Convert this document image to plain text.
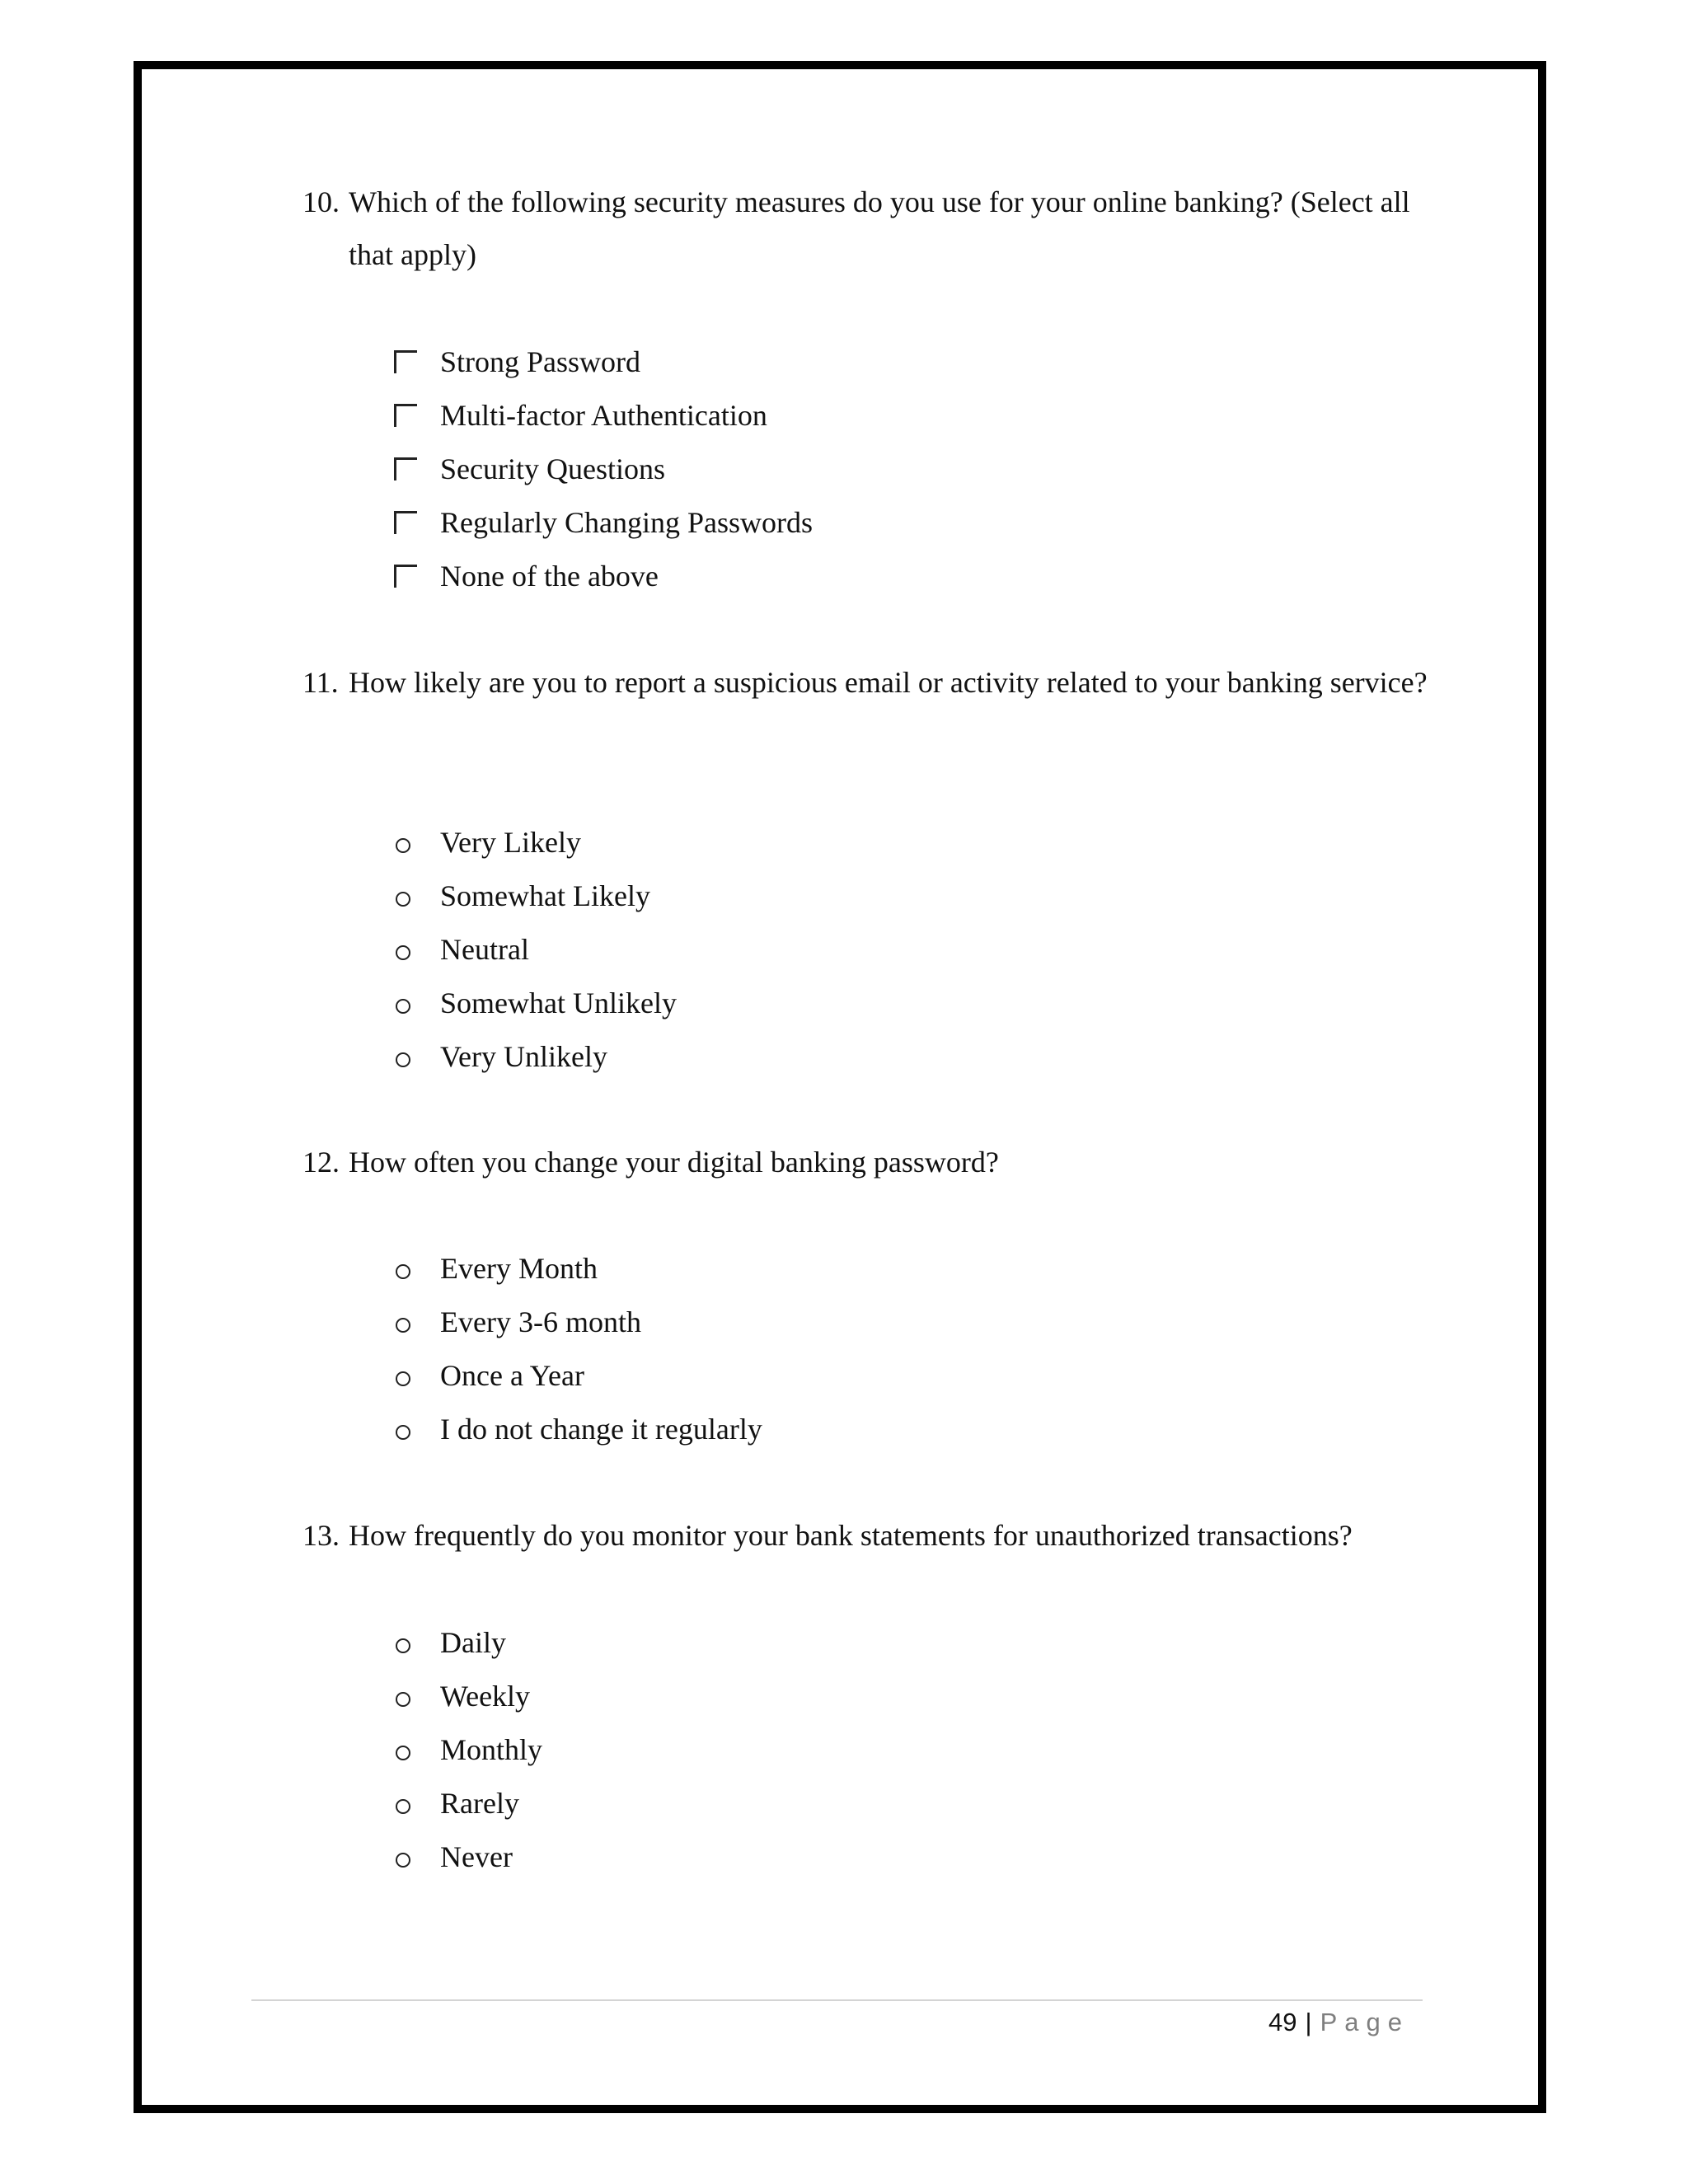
10. Which of the following security measures do you use for your online banking? (Select all that apply)
Strong Password
Multi-factor Authentication
Security Questions
Regularly Changing Passwords
None of the above
11. How likely are you to report a suspicious email or activity related to your banking service?
Very Likely
Somewhat Likely
Neutral
Somewhat Unlikely
Very Unlikely
12. How often you change your digital banking password?
Every Month
Every 3-6 month
Once a Year
I do not change it regularly
13. How frequently do you monitor your bank statements for unauthorized transactions?
Daily
Weekly
Monthly
Rarely
Never
49 | Page
